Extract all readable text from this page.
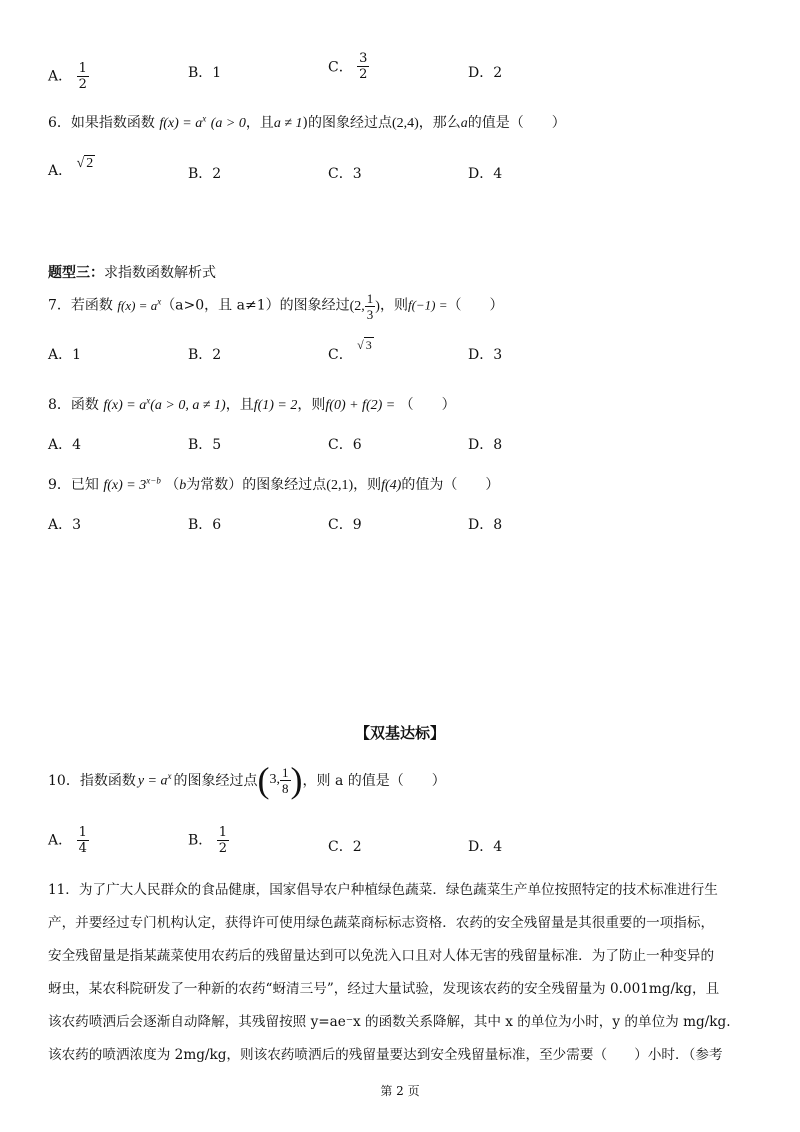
A． $\frac{1}{2}$	B．1	C． $\frac{3}{2}$	D．2
6．如果指数函数 $f(x) = a^x$ (a > 0，且a ≠ 1)的图象经过点(2,4)，那么a的值是（　　）
A． √ 2
B．2	C．3	D．4
题型三：求指数函数解析式
7．若函数 $f(x) = a^x(a>0$，且 a≠1）的图象经过(2, $\frac{1}{3}$ )，则f(−1) =（　　）
A．1	B．2	C． √ 3
D．3
8．函数 $f(x) = a^x(a > 0$, a ≠ 1)，且f(1) = 2，则f(0) + f(2) = （　　）
A．4	B．5	C．6	D．8
9．已知 $f(x) = 3^{x-b}$ （b为常数）的图象经过点(2,1)，则f(4)的值为（　　）
A．3	B．6	C．9	D．8
【双基达标】
10． 指数函数 $y = a^x$ 的图象经过点 ( 3, $\frac{1}{8}$ ) ，则 a 的值是（　　）
A． $\frac{1}{4}$	B． $\frac{1}{2}$	C．2	D．4
11．为了广大人民群众的食品健康，国家倡导农户种植绿色蔬菜．绿色蔬菜生产单位按照特定的技术标准进行生
产，并要经过专门机构认定，获得许可使用绿色蔬菜商标标志资格．农药的安全残留量是其很重要的一项指标，
安全残留量是指某蔬菜使用农药后的残留量达到可以免洗入口且对人体无害的残留量标准．为了防止一种变异的
蚜虫，某农科院研发了一种新的农药“蚜清三号”，经过大量试验，发现该农药的安全残留量为 0.001mg/kg，且
该农药喷洒后会逐渐自动降解，其残留按照 y=ae⁻x 的函数关系降解，其中 x 的单位为小时，y 的单位为 mg/kg.
该农药的喷洒浓度为 2mg/kg，则该农药喷洒后的残留量要达到安全残留量标准，至少需要（　　）小时．（参考
第 2 页
